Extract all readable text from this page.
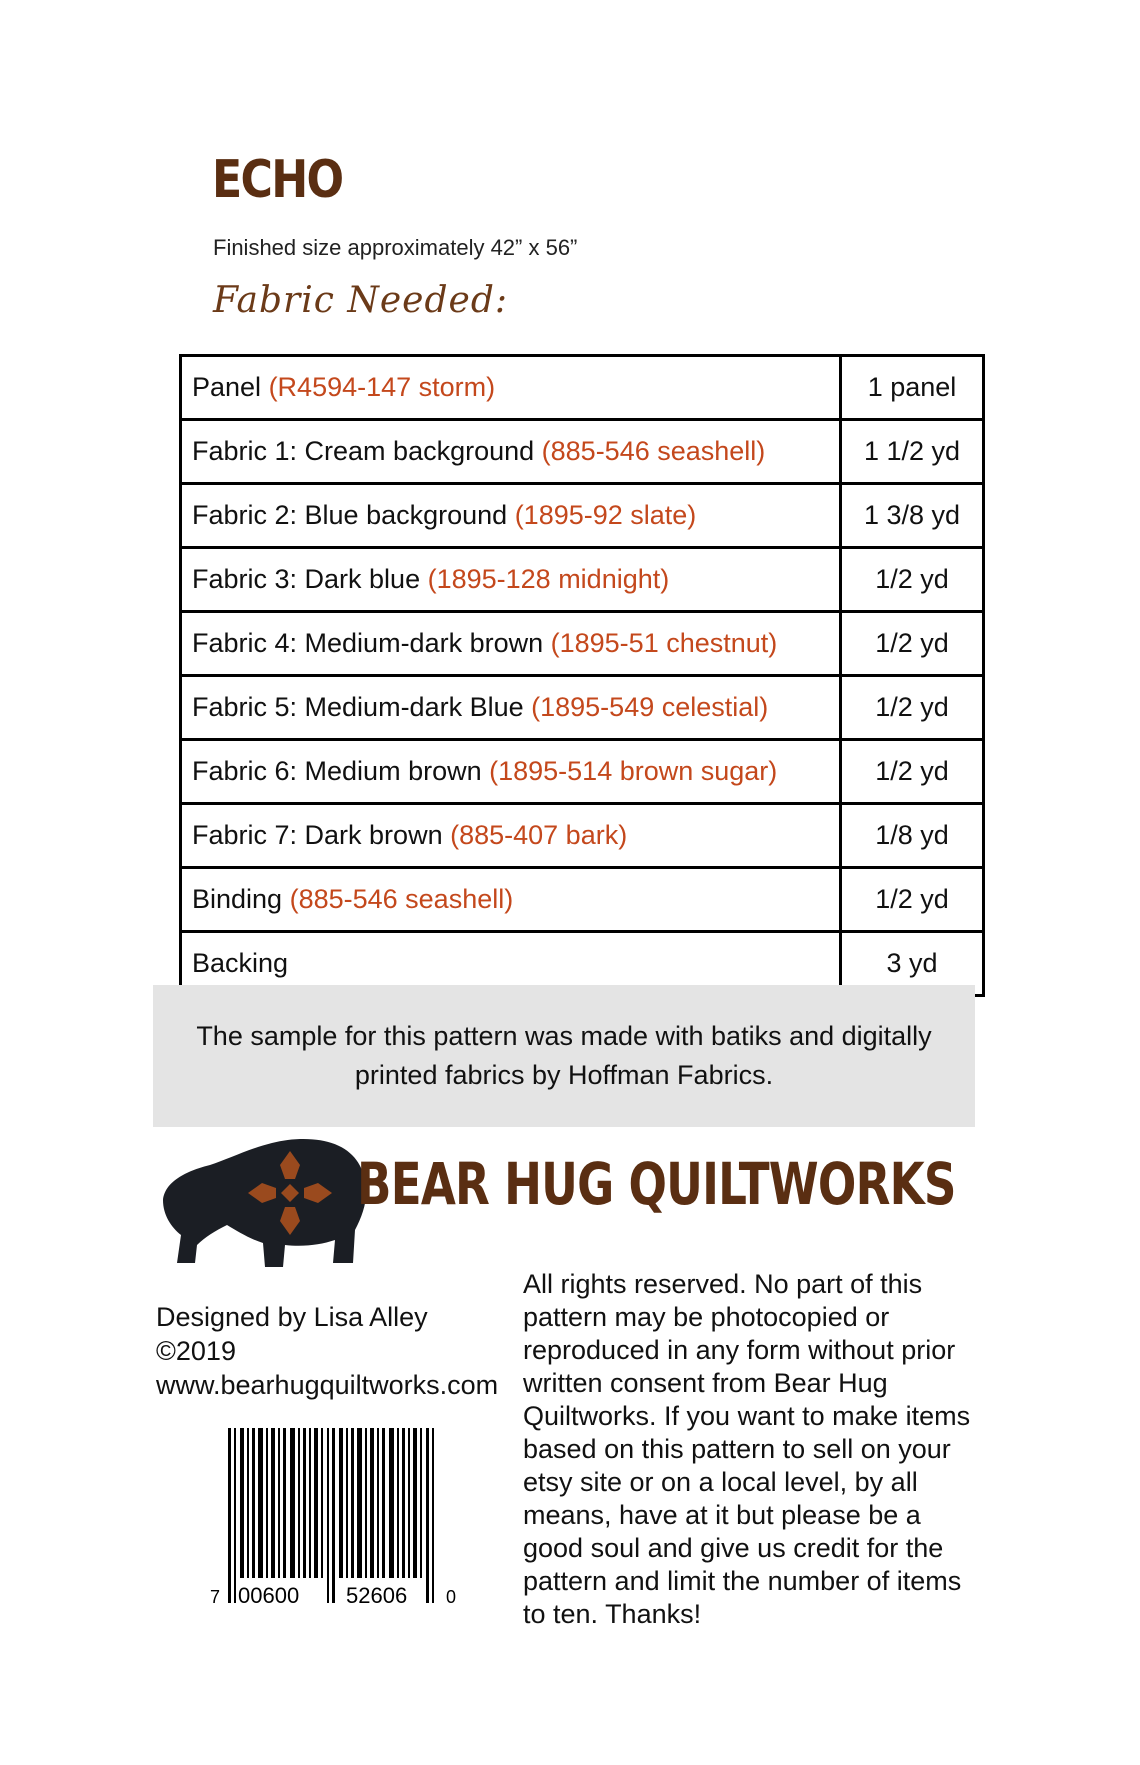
ECHO
Finished size approximately 42” x 56”
Fabric Needed:
Panel (R4594-147 storm)	1 panel
Fabric 1: Cream background (885-546 seashell)	1 1/2 yd
Fabric 2: Blue background (1895-92 slate)	1 3/8 yd
Fabric 3: Dark blue (1895-128 midnight)	1/2 yd
Fabric 4: Medium-dark brown (1895-51 chestnut)	1/2 yd
Fabric 5: Medium-dark Blue (1895-549 celestial)	1/2 yd
Fabric 6: Medium brown (1895-514 brown sugar)	1/2 yd
Fabric 7: Dark brown (885-407 bark)	1/8 yd
Binding (885-546 seashell)	1/2 yd
Backing	3 yd
The sample for this pattern was made with batiks and digitally printed fabrics by Hoffman Fabrics.
BEAR HUG QUILTWORKS
Designed by Lisa Alley
©2019
www.bearhugquiltworks.com
All rights reserved. No part of this pattern may be photocopied or reproduced in any form without prior written consent from Bear Hug Quiltworks. If you want to make items based on this pattern to sell on your etsy site or on a local level, by all means, have at it but please be a good soul and give us credit for the pattern and limit the number of items to ten. Thanks!
7 00600 52606 0
